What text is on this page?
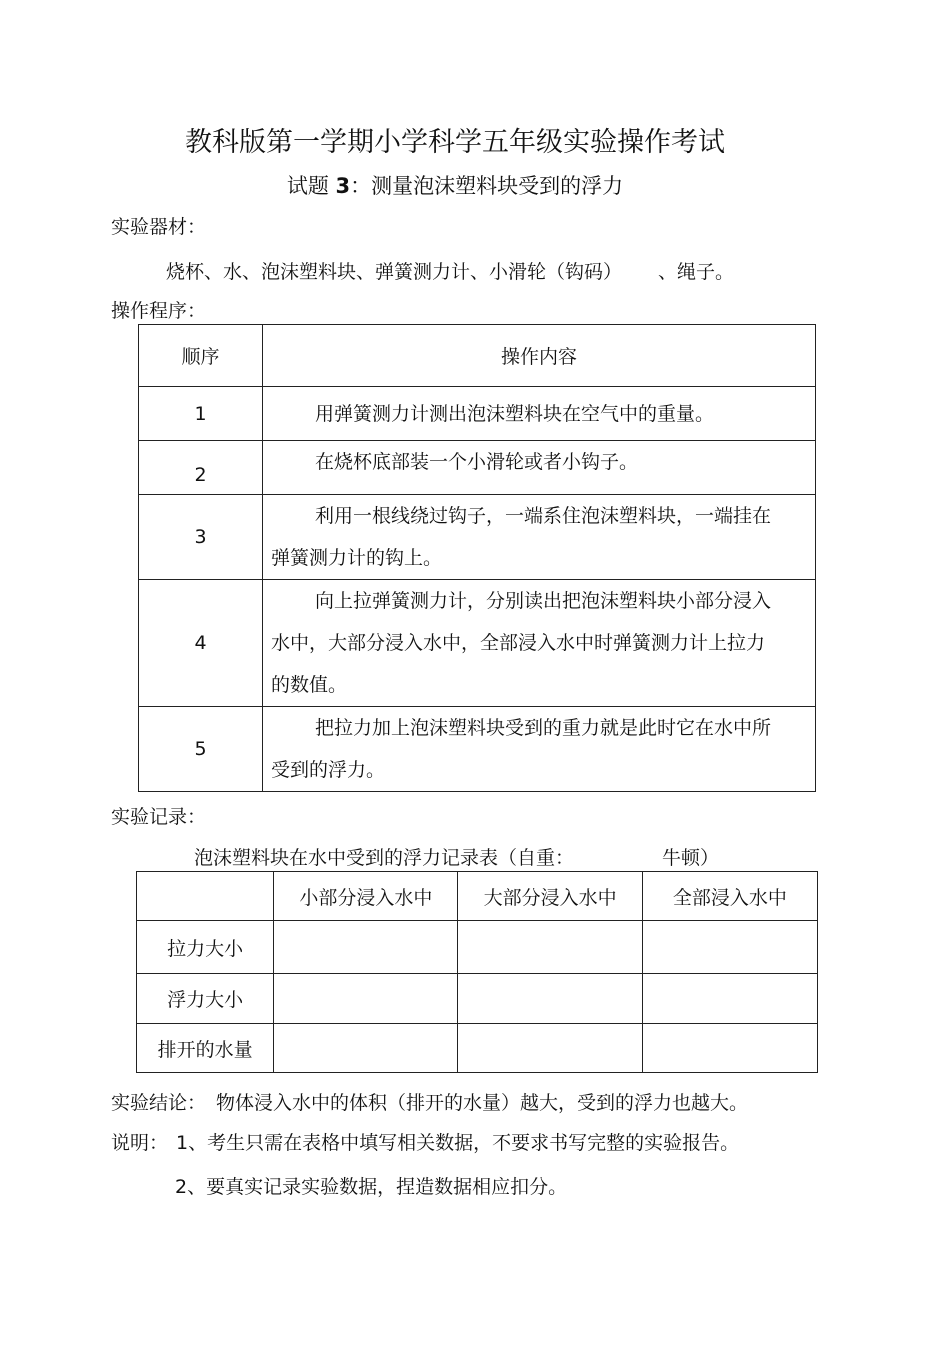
教科版第一学期小学科学五年级实验操作考试
试题 3：测量泡沫塑料块受到的浮力
实验器材：
烧杯、水、泡沫塑料块、弹簧测力计、小滑轮（钩码） 、绳子。
操作程序：
顺序	操作内容
1	用弹簧测力计测出泡沫塑料块在空气中的重量。
2	在烧杯底部装一个小滑轮或者小钩子。
3	利用一根线绕过钩子，一端系住泡沫塑料块，一端挂在弹簧测力计的钩上。
4	向上拉弹簧测力计，分别读出把泡沫塑料块小部分浸入水中，大部分浸入水中，全部浸入水中时弹簧测力计上拉力的数值。
5	把拉力加上泡沫塑料块受到的重力就是此时它在水中所受到的浮力。
实验记录：
泡沫塑料块在水中受到的浮力记录表（自重：	牛顿）
	小部分浸入水中	大部分浸入水中	全部浸入水中
拉力大小			
浮力大小			
排开的水量			
实验结论： 物体浸入水中的体积（排开的水量）越大，受到的浮力也越大。
说明： 1、考生只需在表格中填写相关数据，不要求书写完整的实验报告。
2、要真实记录实验数据，捏造数据相应扣分。
